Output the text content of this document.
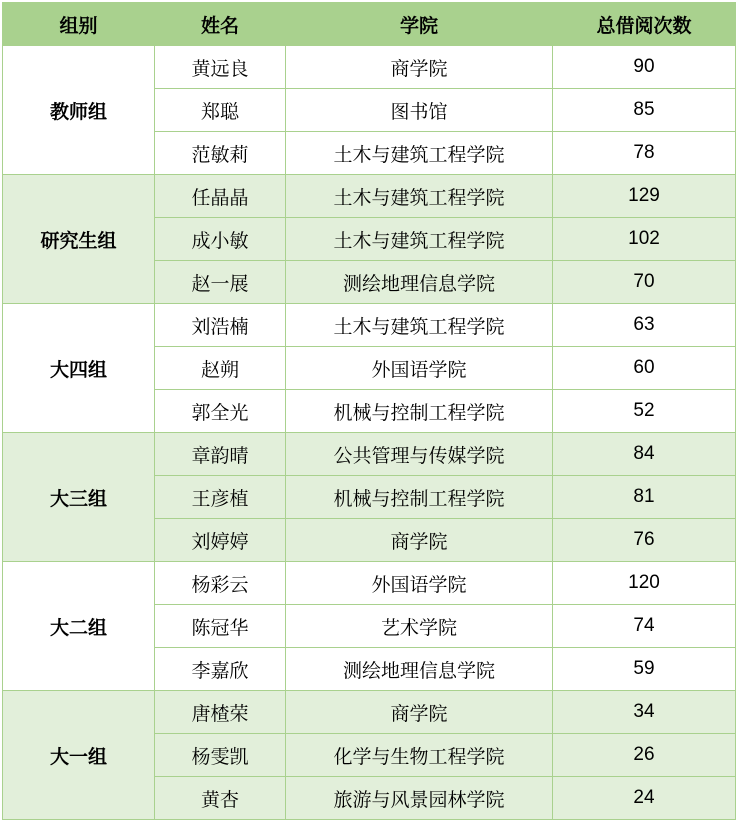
组别	姓名	学院	总借阅次数
教师组	黄远良	商学院	90
	郑聪	图书馆	85
	范敏莉	土木与建筑工程学院	78
研究生组	任晶晶	土木与建筑工程学院	129
	成小敏	土木与建筑工程学院	102
	赵一展	测绘地理信息学院	70
大四组	刘浩楠	土木与建筑工程学院	63
	赵朔	外国语学院	60
	郭全光	机械与控制工程学院	52
大三组	章韵晴	公共管理与传媒学院	84
	王彦植	机械与控制工程学院	81
	刘婷婷	商学院	76
大二组	杨彩云	外国语学院	120
	陈冠华	艺术学院	74
	李嘉欣	测绘地理信息学院	59
大一组	唐楂荣	商学院	34
	杨雯凯	化学与生物工程学院	26
	黄杏	旅游与风景园林学院	24
